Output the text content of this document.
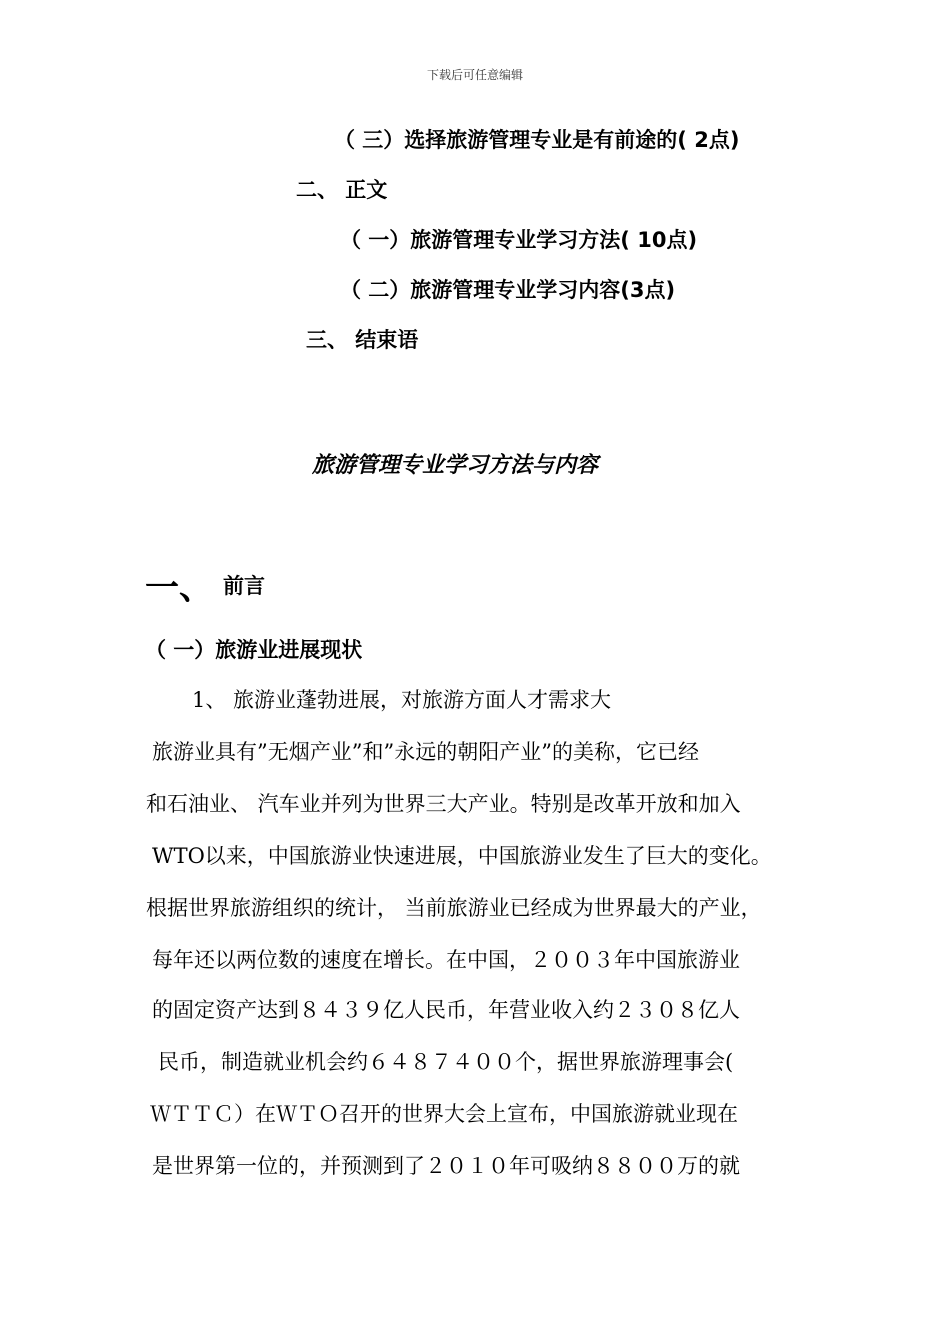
下载后可任意编辑
（ 三）选择旅游管理专业是有前途的( 2点)
二、 正文
（ 一）旅游管理专业学习方法( 10点)
（ 二）旅游管理专业学习内容(3点)
三、 结束语
旅游管理专业学习方法与内容
一、 前言
（ 一）旅游业进展现状
1、 旅游业蓬勃进展，对旅游方面人才需求大
旅游业具有”无烟产业”和”永远的朝阳产业”的美称，它已经
和石油业、 汽车业并列为世界三大产业。特别是改革开放和加入
WTO以来，中国旅游业快速进展，中国旅游业发生了巨大的变化。
根据世界旅游组织的统计， 当前旅游业已经成为世界最大的产业，
每年还以两位数的速度在增长。在中国，２００３年中国旅游业
的固定资产达到８４３９亿人民币，年营业收入约２３０８亿人
民币，制造就业机会约６４８７４００个，据世界旅游理事会(
ＷＴＴＣ）在ＷＴＯ召开的世界大会上宣布，中国旅游就业现在
是世界第一位的，并预测到了２０１０年可吸纳８８００万的就
